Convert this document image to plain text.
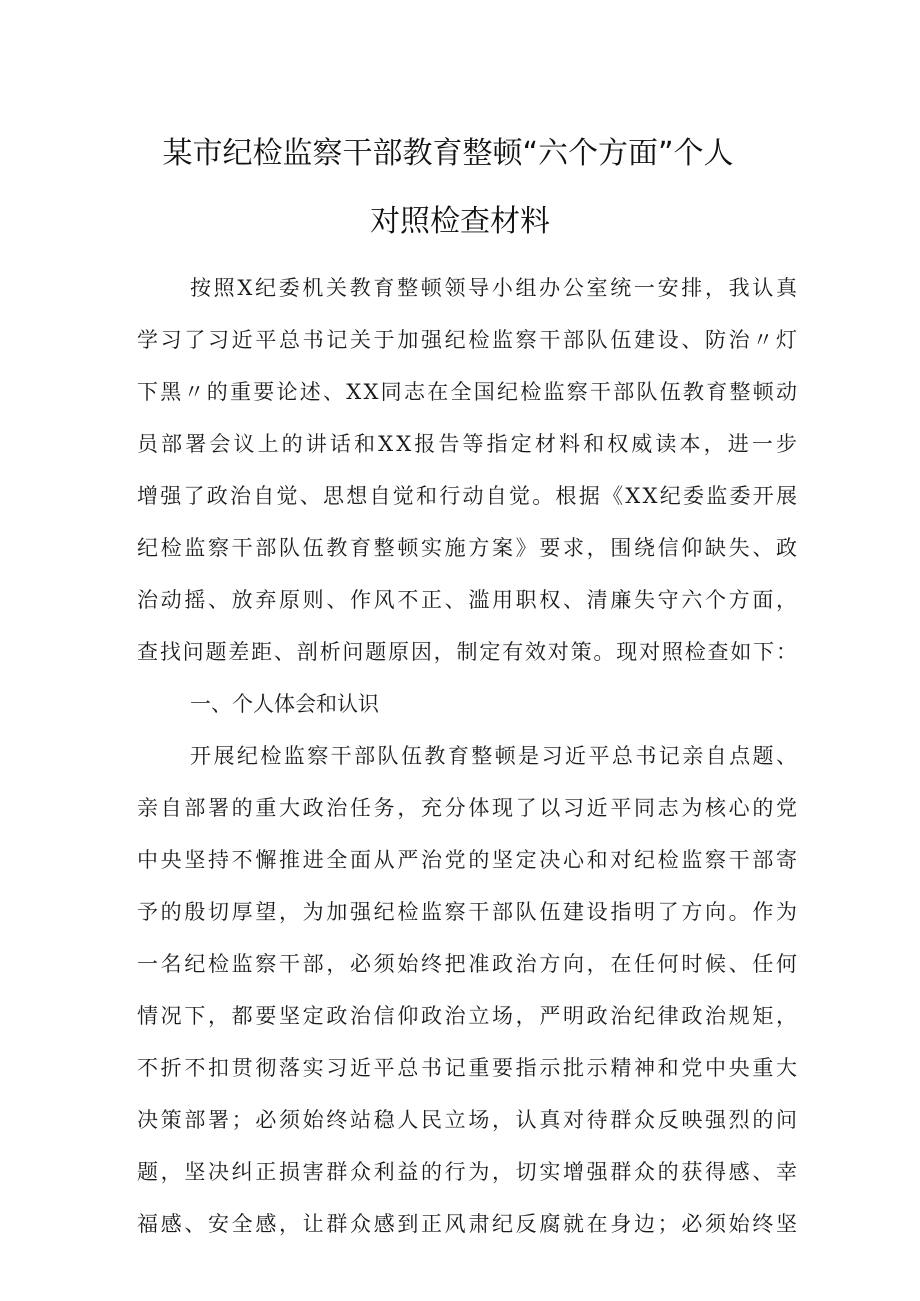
某市纪检监察干部教育整顿“六个方面”个人
对照检查材料

按照X纪委机关教育整顿领导小组办公室统一安排，我认真

学习了习近平总书记关于加强纪检监察干部队伍建设、防治〃灯

下黑〃的重要论述、XX同志在全国纪检监察干部队伍教育整顿动

员部署会议上的讲话和XX报告等指定材料和权威读本，进一步

增强了政治自觉、思想自觉和行动自觉。根据《XX纪委监委开展

纪检监察干部队伍教育整顿实施方案》要求，围绕信仰缺失、政

治动摇、放弃原则、作风不正、滥用职权、清廉失守六个方面，

查找问题差距、剖析问题原因，制定有效对策。现对照检查如下：

一、个人体会和认识

开展纪检监察干部队伍教育整顿是习近平总书记亲自点题、

亲自部署的重大政治任务，充分体现了以习近平同志为核心的党

中央坚持不懈推进全面从严治党的坚定决心和对纪检监察干部寄

予的殷切厚望，为加强纪检监察干部队伍建设指明了方向。作为

一名纪检监察干部，必须始终把准政治方向，在任何时候、任何

情况下，都要坚定政治信仰政治立场，严明政治纪律政治规矩，

不折不扣贯彻落实习近平总书记重要指示批示精神和党中央重大

决策部署；必须始终站稳人民立场，认真对待群众反映强烈的问

题，坚决纠正损害群众利益的行为，切实增强群众的获得感、幸

福感、安全感，让群众感到正风肃纪反腐就在身边；必须始终坚
